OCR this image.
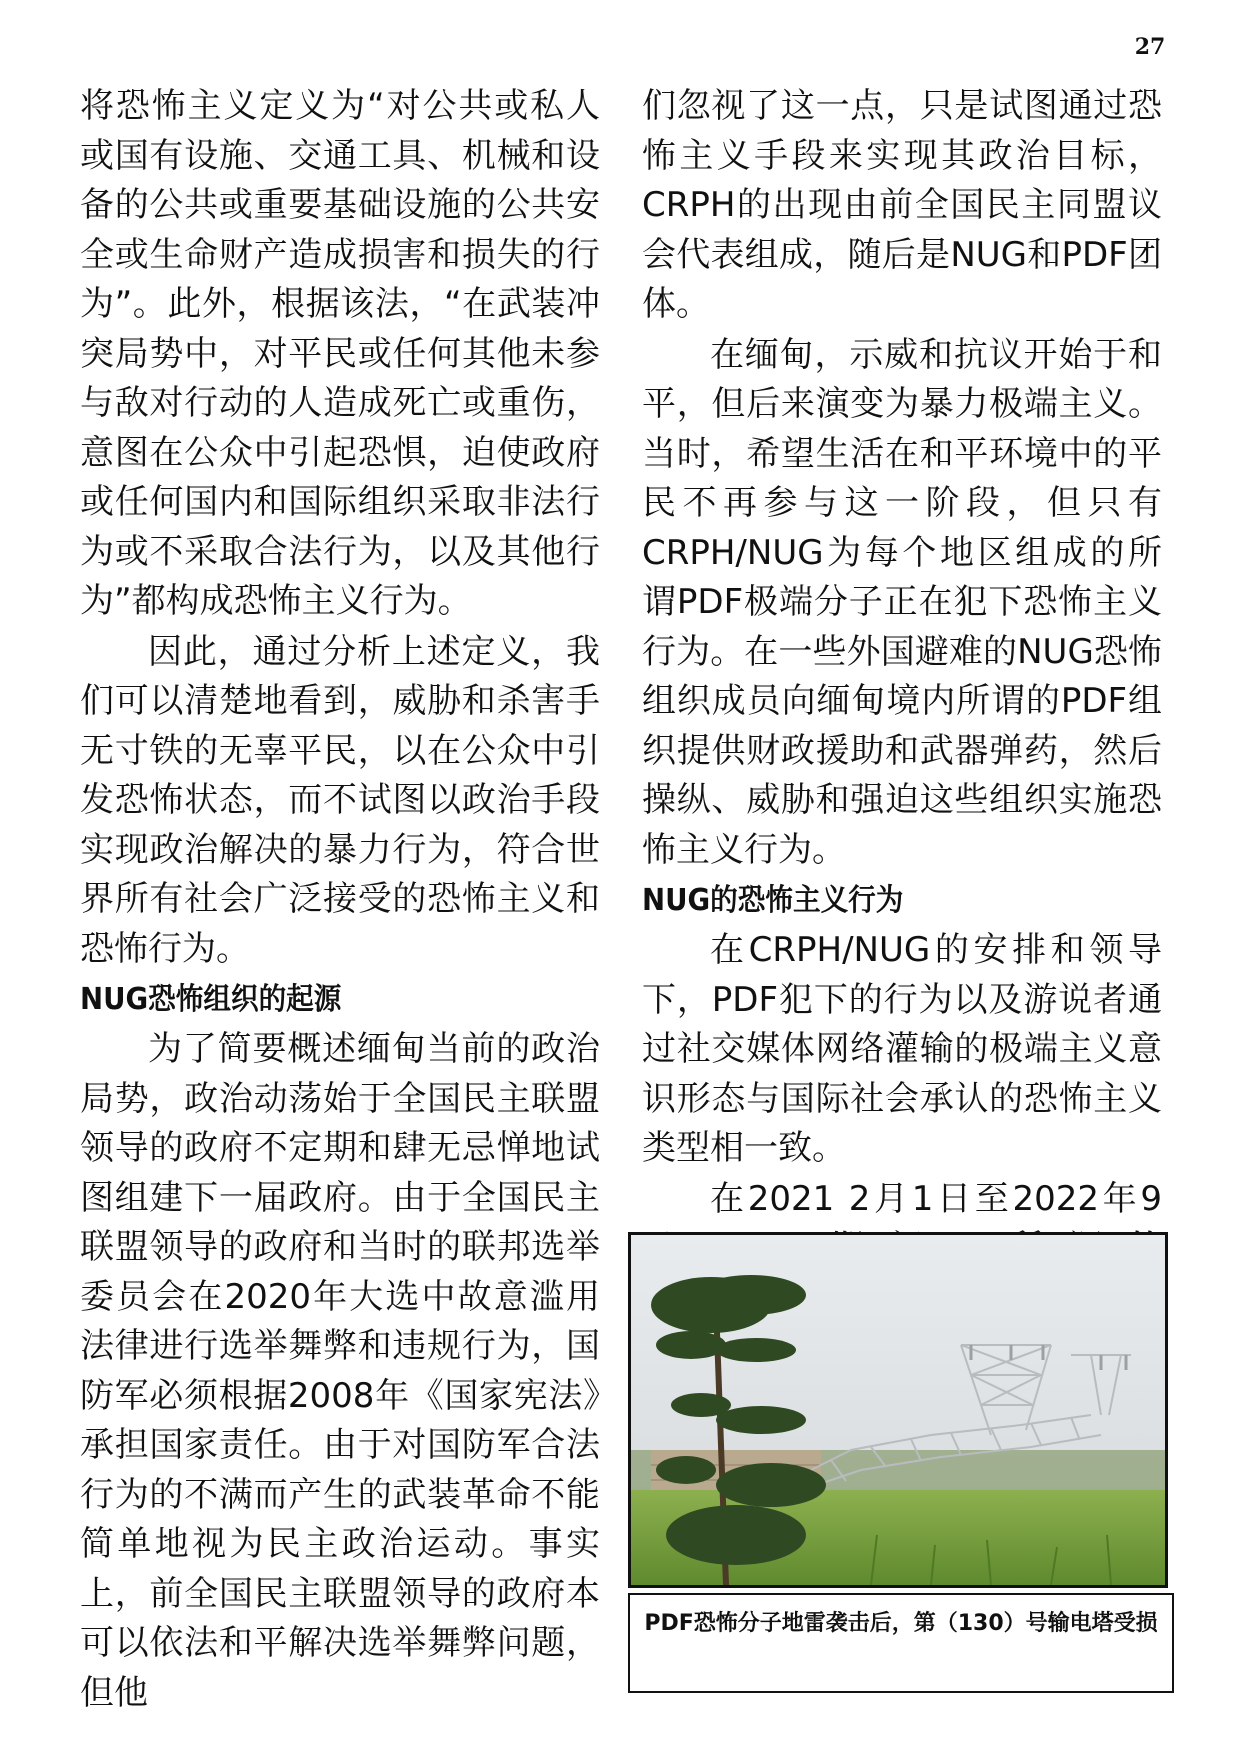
27

将恐怖主义定义为“对公共或私人或国有设施、交通工具、机械和设备的公共或重要基础设施的公共安全或生命财产造成损害和损失的行为”。此外，根据该法，“在武装冲突局势中，对平民或任何其他未参与敌对行动的人造成死亡或重伤，意图在公众中引起恐惧，迫使政府或任何国内和国际组织采取非法行为或不采取合法行为，以及其他行为”都构成恐怖主义行为。

因此，通过分析上述定义，我们可以清楚地看到，威胁和杀害手无寸铁的无辜平民，以在公众中引发恐怖状态，而不试图以政治手段实现政治解决的暴力行为，符合世界所有社会广泛接受的恐怖主义和恐怖行为。

NUG恐怖组织的起源

为了简要概述缅甸当前的政治局势，政治动荡始于全国民主联盟领导的政府不定期和肆无忌惮地试图组建下一届政府。由于全国民主联盟领导的政府和当时的联邦选举委员会在2020年大选中故意滥用法律进行选举舞弊和违规行为，国防军必须根据2008年《国家宪法》承担国家责任。由于对国防军合法行为的不满而产生的武装革命不能简单地视为民主政治运动。事实上，前全国民主联盟领导的政府本可以依法和平解决选举舞弊问题，但他

们忽视了这一点，只是试图通过恐怖主义手段来实现其政治目标，CRPH的出现由前全国民主同盟议会代表组成，随后是NUG和PDF团体。

在缅甸，示威和抗议开始于和平，但后来演变为暴力极端主义。当时，希望生活在和平环境中的平民不再参与这一阶段，但只有CRPH/NUG为每个地区组成的所谓PDF极端分子正在犯下恐怖主义行为。在一些外国避难的NUG恐怖组织成员向缅甸境内所谓的PDF组织提供财政援助和武器弹药，然后操纵、威胁和强迫这些组织实施恐怖主义行为。

NUG的恐怖主义行为

在CRPH/NUG的安排和领导下，PDF犯下的行为以及游说者通过社交媒体网络灌输的极端主义意识形态与国际社会承认的恐怖主义类型相一致。

在2021 2月1日至2022年9

PDF恐怖分子地雷袭击后，第（130）号输电塔受损
